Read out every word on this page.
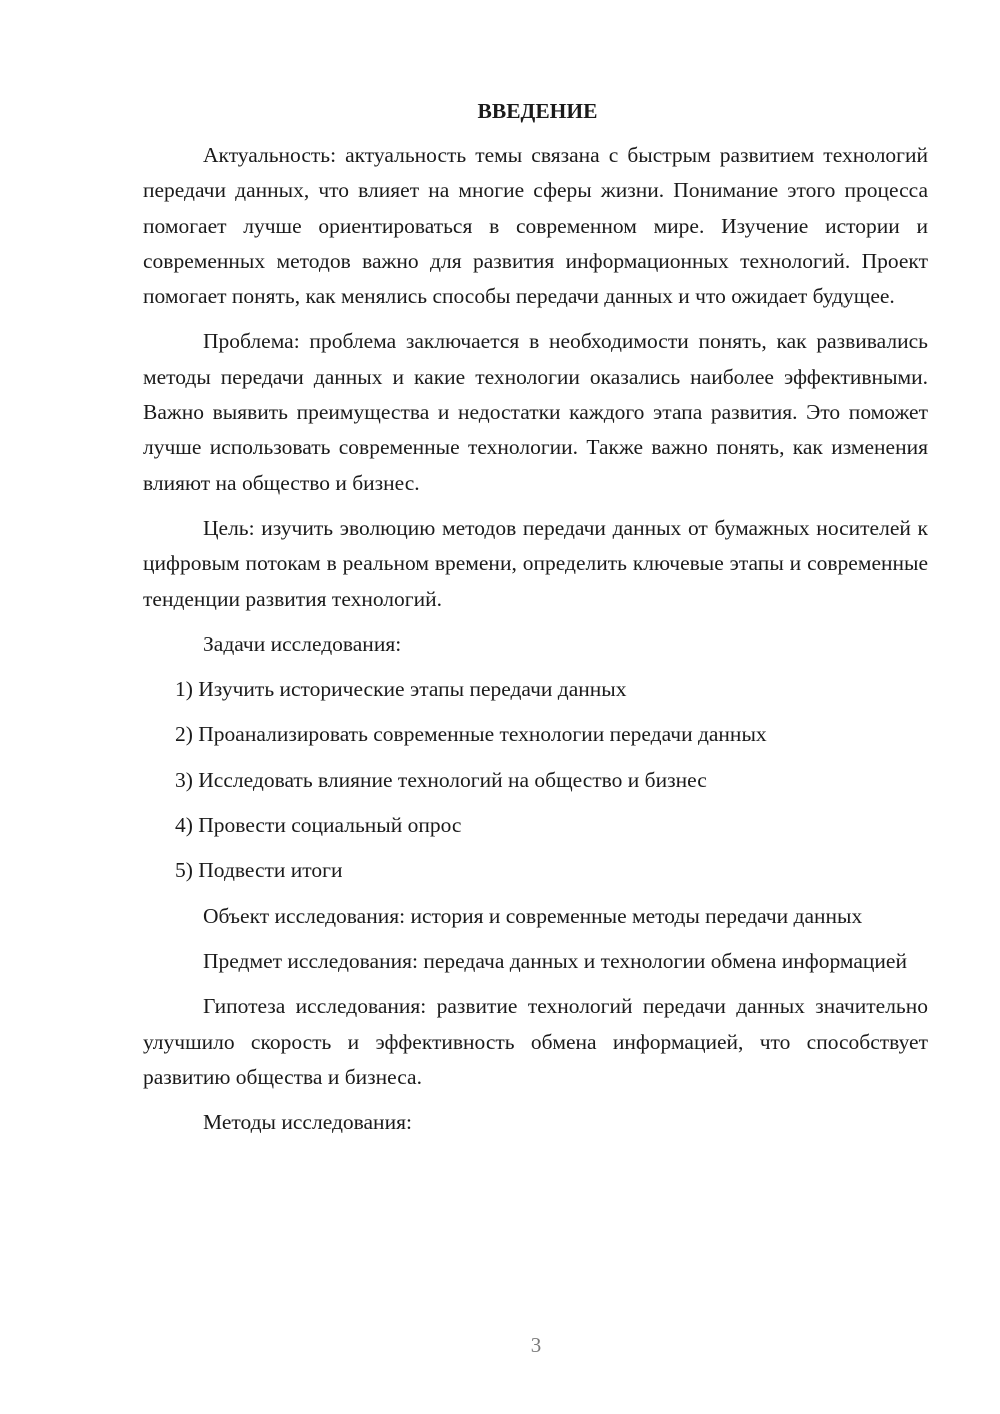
ВВЕДЕНИЕ

Актуальность: актуальность темы связана с быстрым развитием технологий передачи данных, что влияет на многие сферы жизни. Понимание этого процесса помогает лучше ориентироваться в современном мире. Изучение истории и современных методов важно для развития информационных технологий. Проект помогает понять, как менялись способы передачи данных и что ожидает будущее.

Проблема: проблема заключается в необходимости понять, как развивались методы передачи данных и какие технологии оказались наиболее эффективными. Важно выявить преимущества и недостатки каждого этапа развития. Это поможет лучше использовать современные технологии. Также важно понять, как изменения влияют на общество и бизнес.

Цель: изучить эволюцию методов передачи данных от бумажных носителей к цифровым потокам в реальном времени, определить ключевые этапы и современные тенденции развития технологий.

Задачи исследования:

1) Изучить исторические этапы передачи данных
2) Проанализировать современные технологии передачи данных
3) Исследовать влияние технологий на общество и бизнес
4) Провести социальный опрос
5) Подвести итоги

Объект исследования: история и современные методы передачи данных

Предмет исследования: передача данных и технологии обмена информацией

Гипотеза исследования: развитие технологий передачи данных значительно улучшило скорость и эффективность обмена информацией, что способствует развитию общества и бизнеса.

Методы исследования:

3
